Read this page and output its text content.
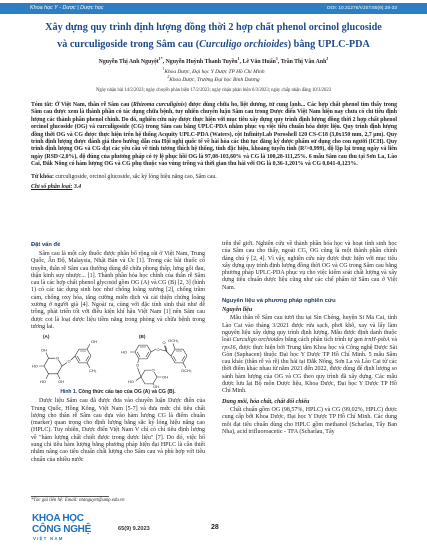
Khoa học Y - Dược | Dược học	DOI: 10.31276/VJST.65(9).28-33
Xây dựng quy trình định lượng đồng thời 2 hợp chất phenol orcinol glucoside
và curculigoside trong Sâm cau (Curculigo orchioides) bằng UPLC-PDA
Nguyễn Thị Anh Nguyệt$^{1*}$, Nguyễn Huỳnh Thanh Tuyền$^1$, Lê Văn Huấn$^1$, Trần Thị Vân Anh$^2$
$^1$Khoa Dược, Đại học Y Dược TP Hồ Chí Minh
$^2$Khoa Dược, Trường Đại học Bình Dương
Ngày nhận bài 14/2/2023; ngày chuyển phản biện 17/2/2023; ngày nhận phản biện 6/3/2023; ngày chấp nhận đăng 10/3/2023

Tóm tắt: Ở Việt Nam, thân rễ Sâm cau (Rhizoma curculiginis) được dùng chữa ho, liệt dương, tử cung lạnh... Các hợp chất phenol tìm thấy trong Sâm cau được xem là thành phần có tác dụng chữa bệnh, tuy nhiên chuyên luận Sâm cau trong Dược điển Việt Nam hiện nay chưa có chỉ tiêu định lượng các thành phần phenol chính. Do đó, nghiên cứu này được thực hiện với mục tiêu xây dựng quy trình định lượng đồng thời 2 hợp chất phenol orcinol glucoside (OG) và curculigoside (CG) trong Sâm cau bằng UPLC-PDA nhằm phục vụ việc tiêu chuẩn hóa dược liệu. Quy trình định lượng đồng thời OG và CG được thực hiện trên hệ thống Acquity UPLC-PDA (Waters), cột InfinityLab Poroshell 120 CS-C18 (3,0x150 mm, 2,7 µm). Quy trình định lượng được đánh giá theo hướng dẫn của Hội nghị quốc tế về hài hòa các thủ tục đăng ký dược phẩm sử dụng cho con người (ICH). Quy trình định lượng OG và CG đạt các yêu cầu về tính tương thích hệ thống, tính đặc hiệu, khoảng tuyến tính (R²>0,999), độ lặp lại trong ngày và liên ngày (RSD<2,0%), độ đúng của phương pháp có tỷ lệ phục hồi OG là 97,08-103,60% và CG là 100,28-111,25%. 6 mẫu Sâm cau thu tại Sơn La, Lào Cai, Đắk Nông có hàm lượng OG và CG phụ thuộc vào vùng trồng và thời gian thu hái với OG là 0,36-1,201% và CG 0,041-0,123%.

Từ khóa: curculigoside, orcinol glucoside, sắc ký lỏng hiệu năng cao, Sâm cau.

Chỉ số phân loại: 3.4

Đặt vấn đề

Sâm cau là một cây thuốc được phân bố rộng rãi ở Việt Nam, Trung Quốc, Ấn Độ, Malaysia, Nhật Bản và Úc [1]. Trong các bài thuốc cổ truyền, thân rễ Sâm cau thường dùng để chữa phong thấp, lưng gối đau, thận kinh suy nhược... [1]. Thành phần hóa học chính của thân rễ Sâm cau là các hợp chất phenol glycosid gồm OG (A) và CG (B) [2, 3] (hình 1) có các tác dụng sinh học như chống loãng xương [2], chống trầm cảm, chống oxy hóa, tăng cường miễn dịch và cải thiện chứng loãng xương ở người già [4]. Ngoài ra, cùng với đặc tính sinh thái như dễ trồng, phát triển tốt với điều kiện khí hậu Việt Nam [1] nên Sâm cau được coi là loại dược liệu tiềm năng trong phòng và chữa bệnh trong tương lai.

(A)	(B)
O
O
OH
CH₃
HO
HO	OH
OH	HO	O
O OCH₃
OCH₃
O
O
HO
OH
OH

Hình 1. Công thức cấu tạo của OG (A) và CG (B).

Dược liệu Sâm cau đã được đưa vào chuyên luận Dược điển của Trung Quốc, Hồng Kông, Việt Nam [5-7] và đưa mức chỉ tiêu chất lượng cho thân rễ Sâm cau dựa vào hàm lượng CG là điểm chuẩn (marker) quan trọng cho định lượng bằng sắc ký lỏng hiệu năng cao (HPLC). Tuy nhiên, Dược điển Việt Nam V chỉ có chỉ tiêu định lượng về "hàm lượng chất chiết được trong dược liệu" [7]. Do đó, việc bổ sung chỉ tiêu hàm lượng bằng phương pháp hiện đại HPLC là cần thiết nhằm nâng cao tiêu chuẩn chất lượng cho Sâm cau và phù hợp với tiêu chuẩn của nhiều nước

trên thế giới. Nghiên cứu về thành phần hóa học và hoạt tính sinh học của Sâm cau cho thấy, ngoài CG, OG cũng là một thành phần chính đáng chú ý [2, 4]. Vì vậy, nghiên cứu này được thực hiện với mục tiêu xây dựng quy trình định lượng đồng thời OG và CG trong Sâm cau bằng phương pháp UPLC-PDA phục vụ cho việc kiểm soát chất lượng và xây dựng tiêu chuẩn dược liệu cũng như các chế phẩm từ Sâm cau ở Việt Nam.

Nguyên liệu và phương pháp nghiên cứu
Nguyên liệu

Mẫu thân rễ Sâm cau tươi thu tại Sìn Chéng, huyện Si Ma Cai, tỉnh Lào Cai vào tháng 3/2021 được rửa sạch, phơi khô, xay và lấy làm nguyên liệu xây dựng quy trình định lượng. Mẫu được định danh thuộc loài Curculigo orchioides bằng cách phân tích trình tự gen trnH-psbA và rps16, được thực hiện bởi Trung tâm Khoa học và Công nghệ Dược Sài Gòn (Saphacen) thuộc Đại học Y Dược TP Hồ Chí Minh. 5 mẫu Sâm cau khác (thân rễ và rễ) thu hái tại Đắk Nông, Sơn La và Lào Cai từ các thời điểm khác nhau từ năm 2021 đến 2022, được dùng để định lượng so sánh hàm lượng của OG và CG theo quy trình đã xây dựng. Các mẫu được lưu lại Bộ môn Dược liệu, Khoa Dược, Đại học Y Dược TP Hồ Chí Minh.

Dung môi, hóa chất, chất đối chiếu

Chất chuẩn gồm OG (98,57%, HPLC) và CG (99,02%, HPLC) được cung cấp bởi Khoa Dược, Đại học Y Dược TP Hồ Chí Minh. Các dung môi đạt tiêu chuẩn dùng cho HPLC gồm methanol (Scharlau, Tây Ban Nha), acid trifluoroacetic - TFA (Scharlau, Tây

*Tác giả liên hệ: Email: ntanguyet@ump.edu.vn
KHOA HỌC
CÔNG NGHỆ
VIỆT NAM
65(9) 9.2023	28
